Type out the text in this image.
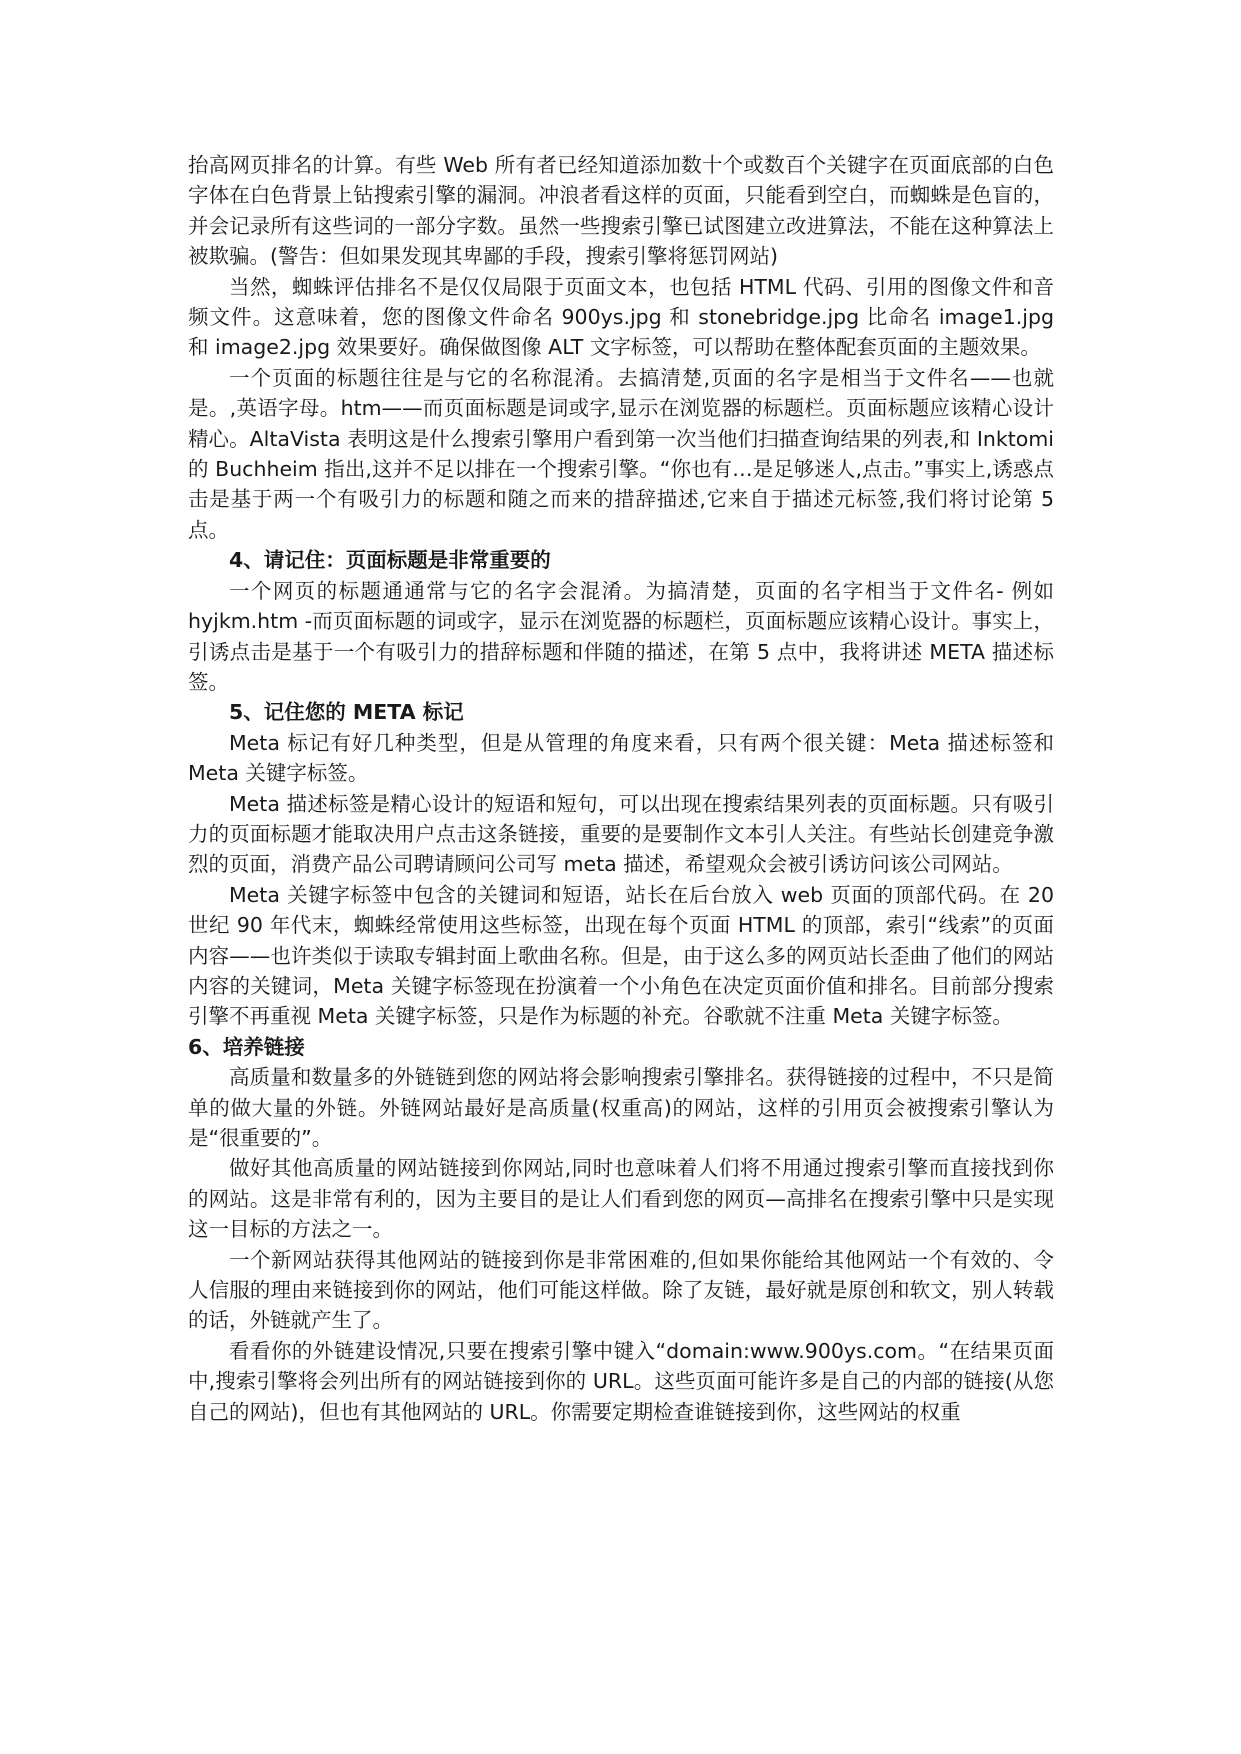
抬高网页排名的计算。有些 Web 所有者已经知道添加数十个或数百个关键字在页面底部的白色字体在白色背景上钻搜索引擎的漏洞。冲浪者看这样的页面，只能看到空白，而蜘蛛是色盲的，并会记录所有这些词的一部分字数。虽然一些搜索引擎已试图建立改进算法，不能在这种算法上被欺骗。(警告：但如果发现其卑鄙的手段，搜索引擎将惩罚网站)

当然，蜘蛛评估排名不是仅仅局限于页面文本，也包括 HTML 代码、引用的图像文件和音频文件。这意味着，您的图像文件命名 900ys.jpg 和 stonebridge.jpg 比命名 image1.jpg 和 image2.jpg 效果要好。确保做图像 ALT 文字标签，可以帮助在整体配套页面的主题效果。

一个页面的标题往往是与它的名称混淆。去搞清楚,页面的名字是相当于文件名——也就是。,英语字母。htm——而页面标题是词或字,显示在浏览器的标题栏。页面标题应该精心设计精心。AltaVista 表明这是什么搜索引擎用户看到第一次当他们扫描查询结果的列表,和 Inktomi 的 Buchheim 指出,这并不足以排在一个搜索引擎。“你也有…是足够迷人,点击。”事实上,诱惑点击是基于两一个有吸引力的标题和随之而来的措辞描述,它来自于描述元标签,我们将讨论第 5 点。

4、请记住：页面标题是非常重要的

一个网页的标题通通常与它的名字会混淆。为搞清楚，页面的名字相当于文件名- 例如 hyjkm.htm -而页面标题的词或字，显示在浏览器的标题栏，页面标题应该精心设计。事实上，引诱点击是基于一个有吸引力的措辞标题和伴随的描述，在第 5 点中，我将讲述 META 描述标签。

5、记住您的 META 标记

Meta 标记有好几种类型，但是从管理的角度来看，只有两个很关键：Meta 描述标签和 Meta 关键字标签。

Meta 描述标签是精心设计的短语和短句，可以出现在搜索结果列表的页面标题。只有吸引力的页面标题才能取决用户点击这条链接，重要的是要制作文本引人关注。有些站长创建竞争激烈的页面，消费产品公司聘请顾问公司写 meta 描述，希望观众会被引诱访问该公司网站。

Meta 关键字标签中包含的关键词和短语，站长在后台放入 web 页面的顶部代码。在 20 世纪 90 年代末，蜘蛛经常使用这些标签，出现在每个页面 HTML 的顶部，索引“线索”的页面内容——也许类似于读取专辑封面上歌曲名称。但是，由于这么多的网页站长歪曲了他们的网站内容的关键词，Meta 关键字标签现在扮演着一个小角色在决定页面价值和排名。目前部分搜索引擎不再重视 Meta 关键字标签，只是作为标题的补充。谷歌就不注重 Meta 关键字标签。

6、培养链接

高质量和数量多的外链链到您的网站将会影响搜索引擎排名。获得链接的过程中，不只是简单的做大量的外链。外链网站最好是高质量(权重高)的网站，这样的引用页会被搜索引擎认为是“很重要的”。

做好其他高质量的网站链接到你网站,同时也意味着人们将不用通过搜索引擎而直接找到你的网站。这是非常有利的，因为主要目的是让人们看到您的网页—高排名在搜索引擎中只是实现这一目标的方法之一。

一个新网站获得其他网站的链接到你是非常困难的,但如果你能给其他网站一个有效的、令人信服的理由来链接到你的网站，他们可能这样做。除了友链，最好就是原创和软文，别人转载的话，外链就产生了。

看看你的外链建设情况,只要在搜索引擎中键入“domain:www.900ys.com。“在结果页面中,搜索引擎将会列出所有的网站链接到你的 URL。这些页面可能许多是自己的内部的链接(从您自己的网站)，但也有其他网站的 URL。你需要定期检查谁链接到你，这些网站的权重
